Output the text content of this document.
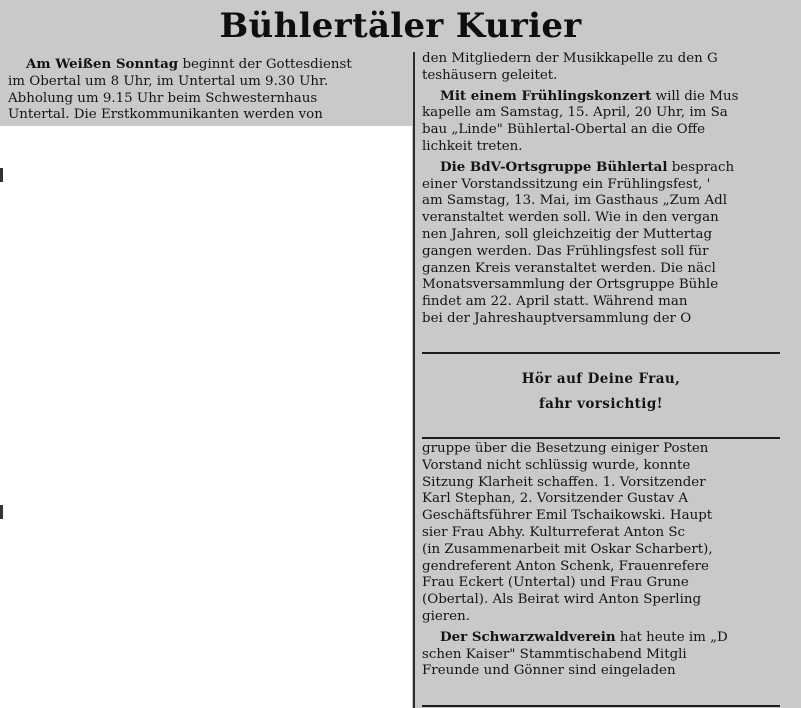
Bühlertäler Kurier
Am Weißen Sonntag beginnt der Gottesdienst
im Obertal um 8 Uhr, im Untertal um 9.30 Uhr.
Abholung um 9.15 Uhr beim Schwesternhaus
Untertal. Die Erstkommunikanten werden von
den Mitgliedern der Musikkapelle zu den G
teshäusern geleitet.

Mit einem Frühlingskonzert will die Mus
kapelle am Samstag, 15. April, 20 Uhr, im Sa
bau „Linde" Bühlertal-Obertal an die Öffe
lichkeit treten.

Die BdV-Ortsgruppe Bühlertal besprach
einer Vorstandssitzung ein Frühlingsfest, '
am Samstag, 13. Mai, im Gasthaus „Zum Adl
veranstaltet werden soll. Wie in den vergan
nen Jahren, soll gleichzeitig der Muttertag
gangen werden. Das Frühlingsfest soll für
ganzen Kreis veranstaltet werden. Die näcl
Monatsversammlung der Ortsgruppe Bühle
findet am 22. April statt. Während man
bei der Jahreshauptversammlung der O
Hör auf Deine Frau,
fahr vorsichtig!
gruppe über die Besetzung einiger Posten
Vorstand nicht schlüssig wurde, konnte
Sitzung Klarheit schaffen. 1. Vorsitzender
Karl Stephan, 2. Vorsitzender Gustav A
Geschäftsführer Emil Tschaikowski. Haupt
sier Frau Abhy. Kulturreferat Anton Sc
(in Zusammenarbeit mit Oskar Scharbert),
gendreferent Anton Schenk, Frauenrefere
Frau Eckert (Untertal) und Frau Grune
(Obertal). Als Beirat wird Anton Sperling
gieren.

Der Schwarzwaldverein hat heute im „D
schen Kaiser" Stammtischabend Mitgli
Freunde und Gönner sind eingeladen
